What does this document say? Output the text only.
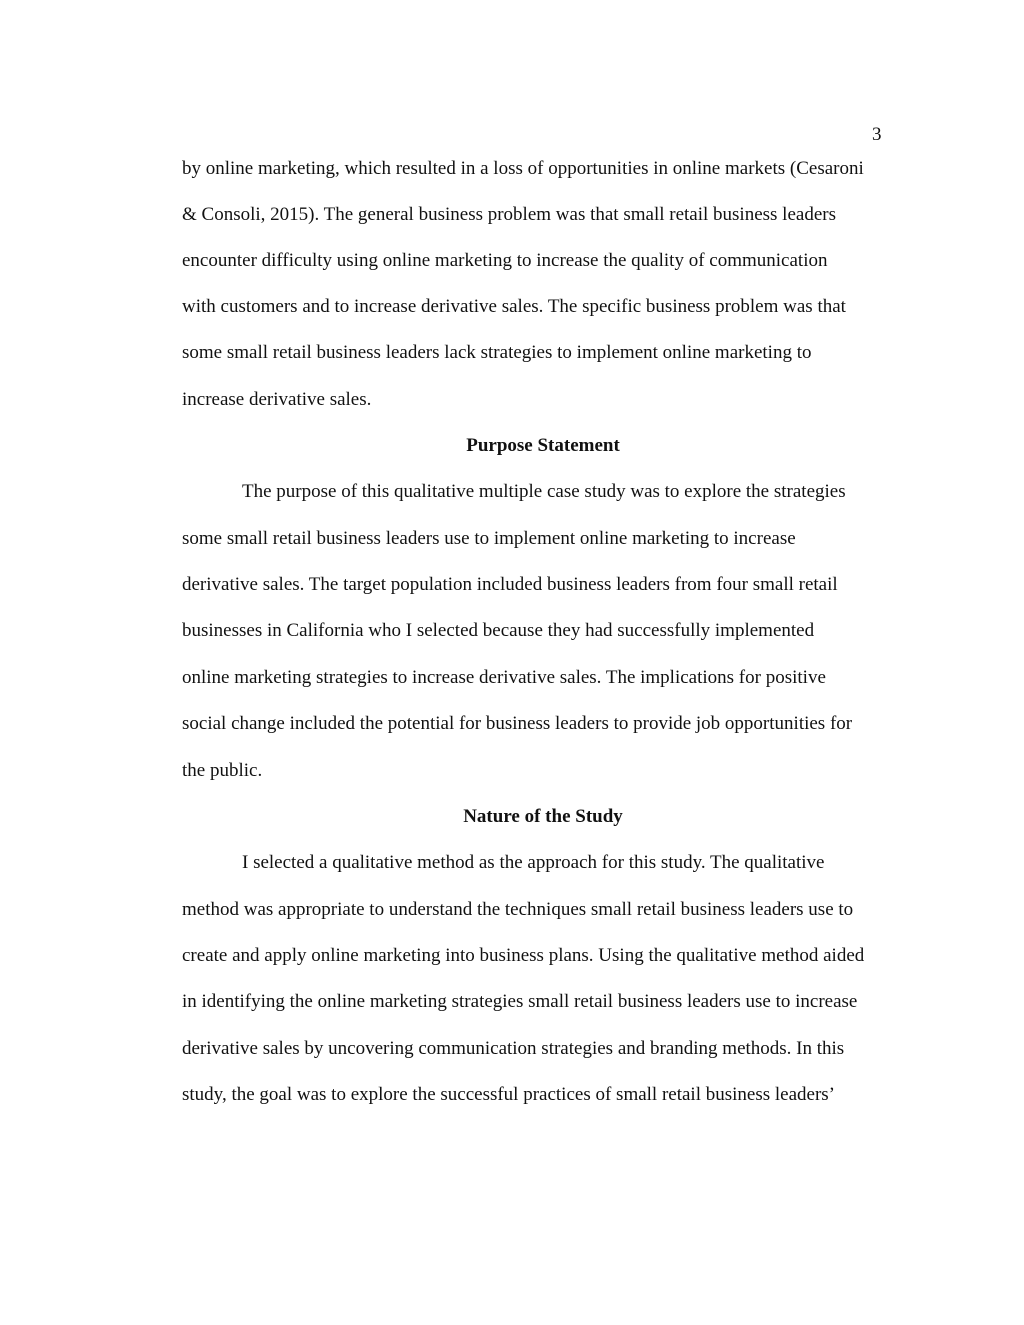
3
by online marketing, which resulted in a loss of opportunities in online markets (Cesaroni
& Consoli, 2015). The general business problem was that small retail business leaders
encounter difficulty using online marketing to increase the quality of communication
with customers and to increase derivative sales. The specific business problem was that
some small retail business leaders lack strategies to implement online marketing to
increase derivative sales.
Purpose Statement
The purpose of this qualitative multiple case study was to explore the strategies
some small retail business leaders use to implement online marketing to increase
derivative sales. The target population included business leaders from four small retail
businesses in California who I selected because they had successfully implemented
online marketing strategies to increase derivative sales. The implications for positive
social change included the potential for business leaders to provide job opportunities for
the public.
Nature of the Study
I selected a qualitative method as the approach for this study. The qualitative
method was appropriate to understand the techniques small retail business leaders use to
create and apply online marketing into business plans. Using the qualitative method aided
in identifying the online marketing strategies small retail business leaders use to increase
derivative sales by uncovering communication strategies and branding methods. In this
study, the goal was to explore the successful practices of small retail business leaders’
